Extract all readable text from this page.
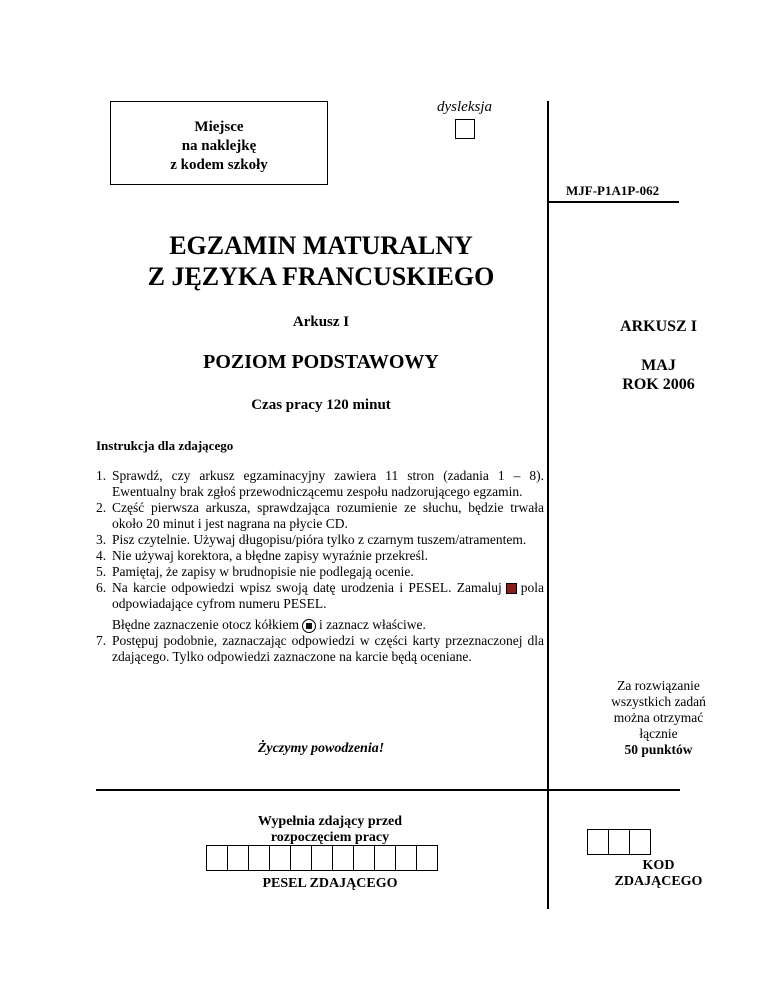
Miejsce
na naklejkę
z kodem szkoły
dysleksja
MJF-P1A1P-062
EGZAMIN MATURALNY
Z JĘZYKA FRANCUSKIEGO
Arkusz I
POZIOM PODSTAWOWY
Czas pracy 120 minut
ARKUSZ I
MAJ
ROK 2006
Za rozwiązanie
wszystkich zadań
można otrzymać
łącznie
50 punktów
Instrukcja dla zdającego
1. Sprawdź, czy arkusz egzaminacyjny zawiera 11 stron (zadania 1 – 8). Ewentualny brak zgłoś przewodniczącemu zespołu nadzorującego egzamin.
2. Część pierwsza arkusza, sprawdzająca rozumienie ze słuchu, będzie trwała około 20 minut i jest nagrana na płycie CD.
3. Pisz czytelnie. Używaj długopisu/pióra tylko z czarnym tuszem/atramentem.
4. Nie używaj korektora, a błędne zapisy wyraźnie przekreśl.
5. Pamiętaj, że zapisy w brudnopisie nie podlegają ocenie.
6. Na karcie odpowiedzi wpisz swoją datę urodzenia i PESEL. Zamaluj pola odpowiadające cyfrom numeru PESEL.
Błędne zaznaczenie otocz kółkiem i zaznacz właściwe.
7. Postępuj podobnie, zaznaczając odpowiedzi w części karty przeznaczonej dla zdającego. Tylko odpowiedzi zaznaczone na karcie będą oceniane.
Życzymy powodzenia!
Wypełnia zdający przed
rozpoczęciem pracy
PESEL ZDAJĄCEGO
KOD
ZDAJĄCEGO
